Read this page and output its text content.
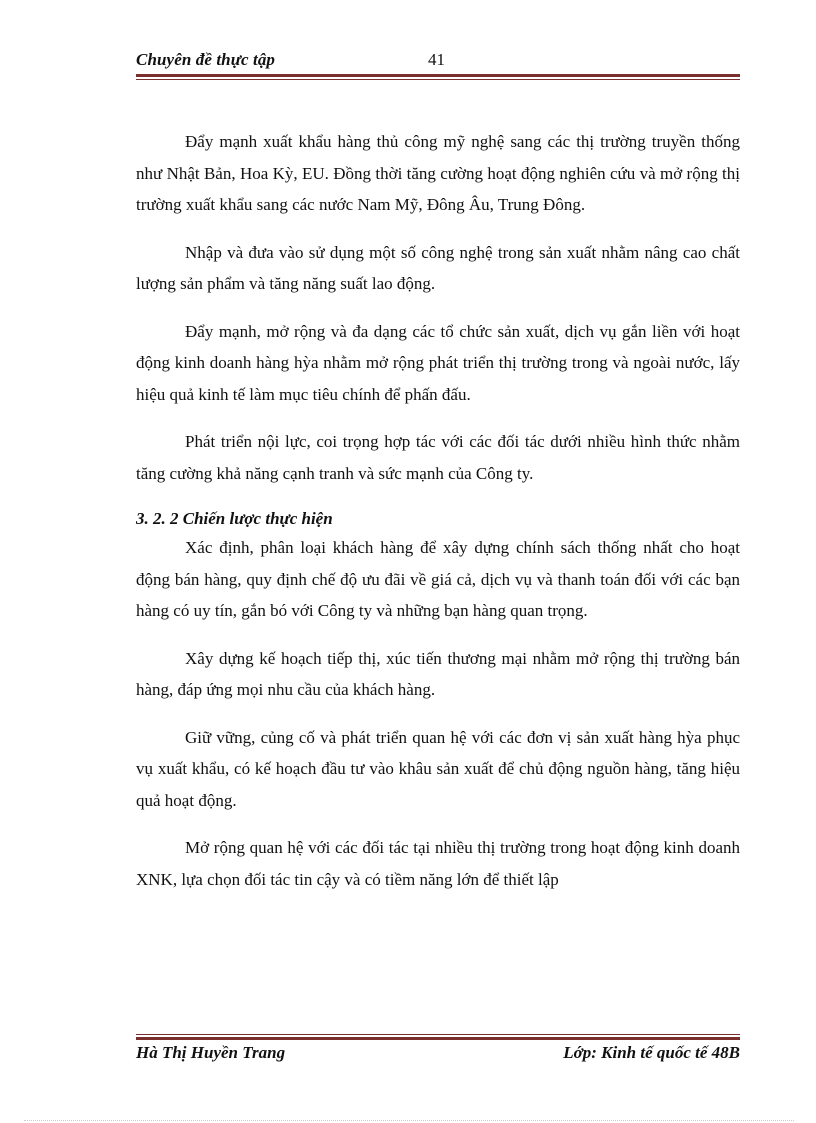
Chuyên đề thực tập	41

Đẩy mạnh xuất khẩu hàng thủ công mỹ nghệ sang các thị trường truyền thống như Nhật Bản, Hoa Kỳ, EU. Đồng thời tăng cường hoạt động nghiên cứu và mở rộng thị trường xuất khẩu sang các nước Nam Mỹ, Đông Âu, Trung Đông.

Nhập và đưa vào sử dụng một số công nghệ trong sản xuất nhằm nâng cao chất lượng sản phẩm và tăng năng suất lao động.

Đẩy mạnh, mở rộng và đa dạng các tổ chức sản xuất, dịch vụ gắn liền với hoạt động kinh doanh hàng hỳa nhằm mở rộng phát triển thị trường trong và ngoài nước, lấy hiệu quả kinh tế làm mục tiêu chính để phấn đấu.

Phát triển nội lực, coi trọng hợp tác với các đối tác dưới nhiều hình thức nhằm tăng cường khả năng cạnh tranh và sức mạnh của Công ty.

3. 2. 2 Chiến lược thực hiện

Xác định, phân loại khách hàng để xây dựng chính sách thống nhất cho hoạt động bán hàng, quy định chế độ ưu đãi về giá cả, dịch vụ và thanh toán đối với các bạn hàng có uy tín, gắn bó với Công ty và những bạn hàng quan trọng.

Xây dựng kế hoạch tiếp thị, xúc tiến thương mại nhằm mở rộng thị trường bán hàng, đáp ứng mọi nhu cầu của khách hàng.

Giữ vững, củng cố và phát triển quan hệ với các đơn vị sản xuất hàng hỳa phục vụ xuất khẩu, có kế hoạch đầu tư vào khâu sản xuất để chủ động nguồn hàng, tăng hiệu quả hoạt động.

Mở rộng quan hệ với các đối tác tại nhiều thị trường trong hoạt động kinh doanh XNK, lựa chọn đối tác tin cậy và có tiềm năng lớn để thiết lập

Hà Thị Huyền Trang	Lớp: Kinh tế quốc tế 48B
